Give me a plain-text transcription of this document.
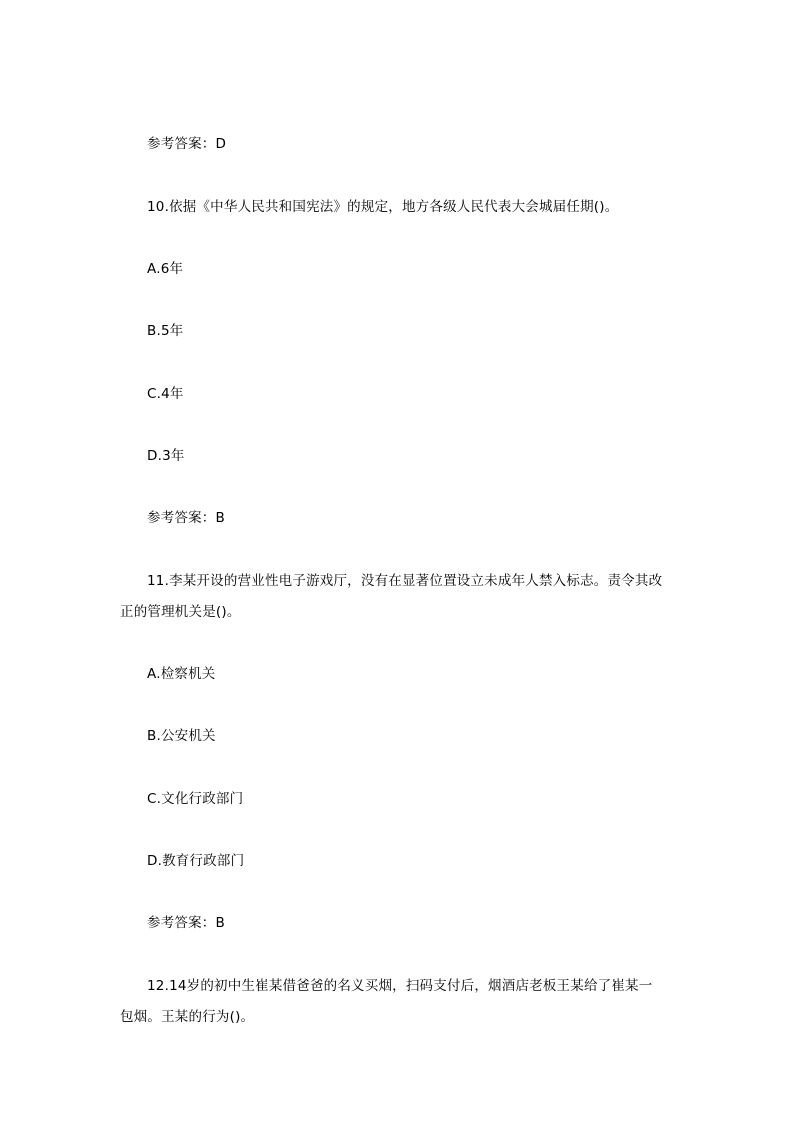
参考答案：D
10.依据《中华人民共和国宪法》的规定，地方各级人民代表大会城届任期()。
A.6年
B.5年
C.4年
D.3年
参考答案：B
11.李某开设的营业性电子游戏厅，没有在显著位置设立未成年人禁入标志。责令其改
正的管理机关是()。
A.检察机关
B.公安机关
C.文化行政部门
D.教育行政部门
参考答案：B
12.14岁的初中生崔某借爸爸的名义买烟，扫码支付后，烟酒店老板王某给了崔某一
包烟。王某的行为()。
